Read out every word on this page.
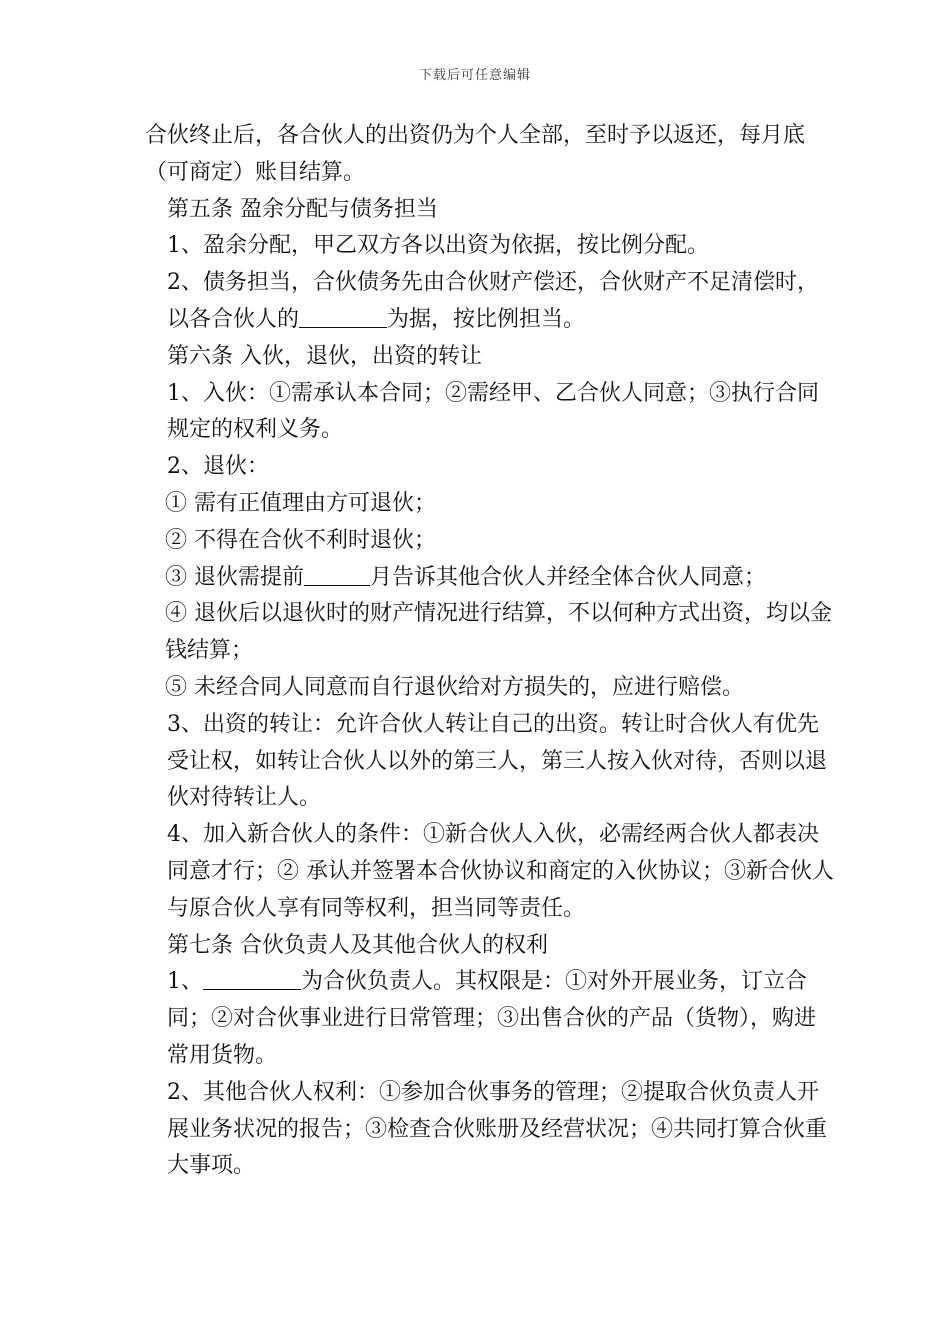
下载后可任意编辑

合伙终止后，各合伙人的出资仍为个人全部，至时予以返还，每月底（可商定）账目结算。

第五条 盈余分配与债务担当

1、盈余分配，甲乙双方各以出资为依据，按比例分配。

2、债务担当，合伙债务先由合伙财产偿还，合伙财产不足清偿时，以各合伙人的	为据，按比例担当。

第六条 入伙，退伙，出资的转让

1、入伙：①需承认本合同；②需经甲、乙合伙人同意；③执行合同规定的权利义务。

2、退伙：

① 需有正值理由方可退伙；

② 不得在合伙不利时退伙；

③ 退伙需提前	月告诉其他合伙人并经全体合伙人同意；

④ 退伙后以退伙时的财产情况进行结算，不以何种方式出资，均以金钱结算；

⑤ 未经合同人同意而自行退伙给对方损失的，应进行赔偿。

3、出资的转让：允许合伙人转让自己的出资。转让时合伙人有优先受让权，如转让合伙人以外的第三人，第三人按入伙对待，否则以退伙对待转让人。

4、加入新合伙人的条件：①新合伙人入伙，必需经两合伙人都表决同意才行；② 承认并签署本合伙协议和商定的入伙协议；③新合伙人与原合伙人享有同等权利，担当同等责任。

第七条 合伙负责人及其他合伙人的权利

1、	为合伙负责人。其权限是：①对外开展业务，订立合同；②对合伙事业进行日常管理；③出售合伙的产品（货物），购进常用货物。

2、其他合伙人权利：①参加合伙事务的管理；②提取合伙负责人开展业务状况的报告；③检查合伙账册及经营状况；④共同打算合伙重大事项。
